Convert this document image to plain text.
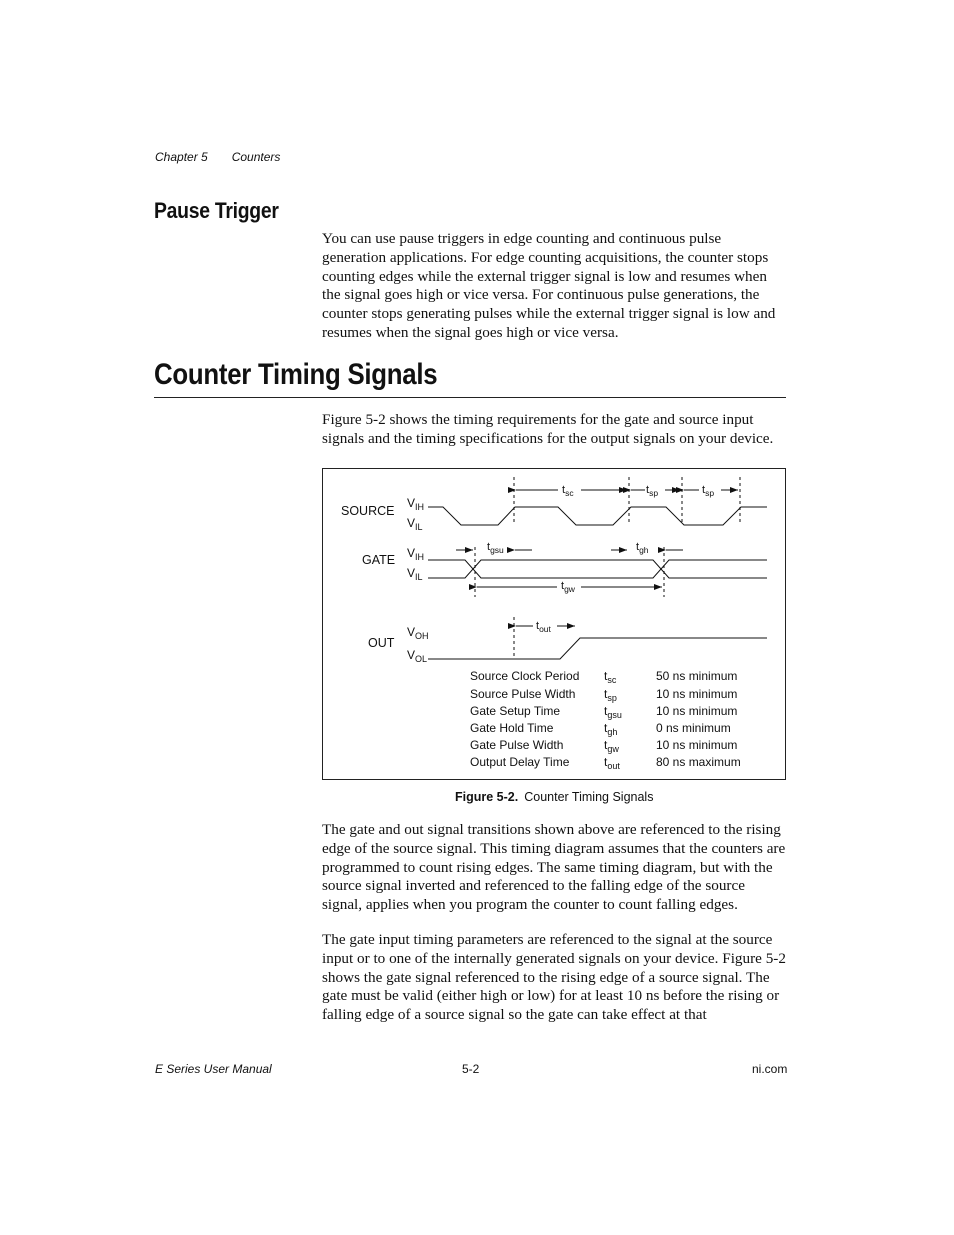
Chapter 5 Counters
Pause Trigger
You can use pause triggers in edge counting and continuous pulse generation applications. For edge counting acquisitions, the counter stops counting edges while the external trigger signal is low and resumes when the signal goes high or vice versa. For continuous pulse generations, the counter stops generating pulses while the external trigger signal is low and resumes when the signal goes high or vice versa.
Counter Timing Signals
Figure 5-2 shows the timing requirements for the gate and source input signals and the timing specifications for the output signals on your device.
SOURCE
GATE
OUT
$V_{IH}$
$V_{IL}$
$V_{IH}$
$V_{IL}$
$V_{OH}$
$V_{OL}$
$t_{sc}$	$t_{sp}$	$t_{sp}$
$t_{gsu}$	$t_{gh}$
$t_{gw}$
$t_{out}$
Source Clock Period $t_{sc}$	50 ns minimum
Source Pulse Width $t_{sp}$	10 ns minimum
Gate Setup Time	$t_{gsu}$	10 ns minimum
Gate Hold Time	$t_{gh}$	0 ns minimum
Gate Pulse Width	$t_{gw}$	10 ns minimum
Output Delay Time	$t_{out}$	80 ns maximum
Figure 5-2. Counter Timing Signals
The gate and out signal transitions shown above are referenced to the rising edge of the source signal. This timing diagram assumes that the counters are programmed to count rising edges. The same timing diagram, but with the source signal inverted and referenced to the falling edge of the source signal, applies when you program the counter to count falling edges.
The gate input timing parameters are referenced to the signal at the source input or to one of the internally generated signals on your device. Figure 5-2 shows the gate signal referenced to the rising edge of a source signal. The gate must be valid (either high or low) for at least 10 ns before the rising or falling edge of a source signal so the gate can take effect at that
E Series User Manual	5-2	ni.com
